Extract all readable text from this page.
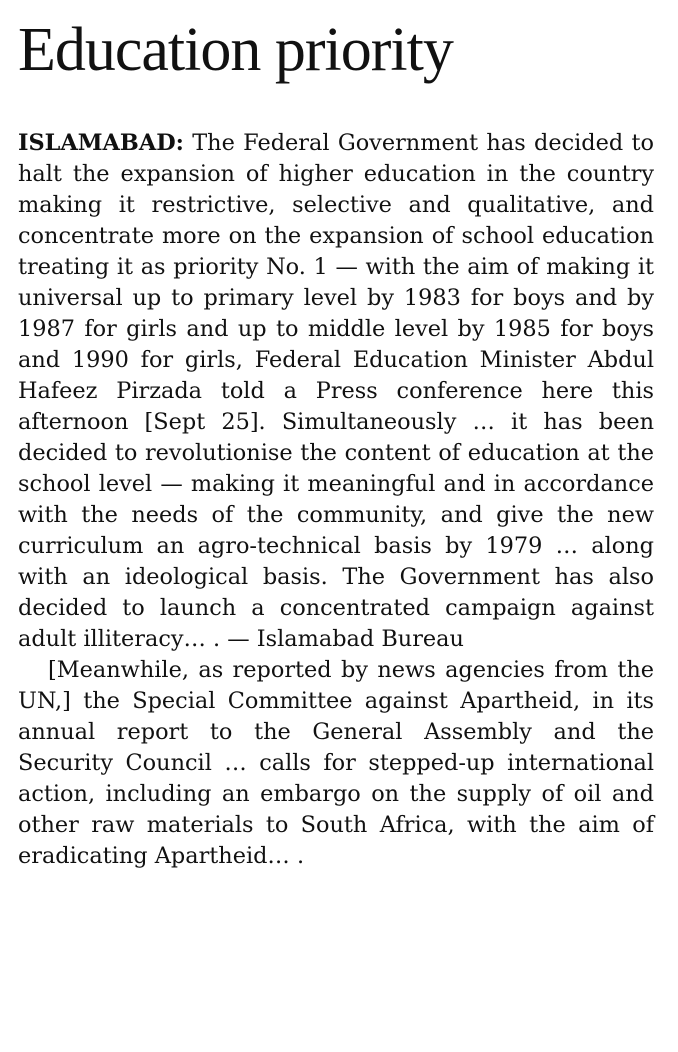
Education priority

ISLAMABAD: The Federal Government has decided to halt the expansion of higher education in the country making it restrictive, selective and qualitative, and concentrate more on the expansion of school education treating it as priority No. 1 — with the aim of making it universal up to primary level by 1983 for boys and by 1987 for girls and up to middle level by 1985 for boys and 1990 for girls, Federal Education Minister Abdul Hafeez Pirzada told a Press conference here this afternoon [Sept 25]. Simultaneously … it has been decided to revolutionise the content of education at the school level — making it meaningful and in accordance with the needs of the community, and give the new curriculum an agro-technical basis by 1979 … along with an ideological basis. The Government has also decided to launch a concentrated campaign against adult illiteracy… . — Islamabad Bureau

[Meanwhile, as reported by news agencies from the UN,] the Special Committee against Apartheid, in its annual report to the General Assembly and the Security Council … calls for stepped-up international action, including an embargo on the supply of oil and other raw materials to South Africa, with the aim of eradicating Apartheid… .
